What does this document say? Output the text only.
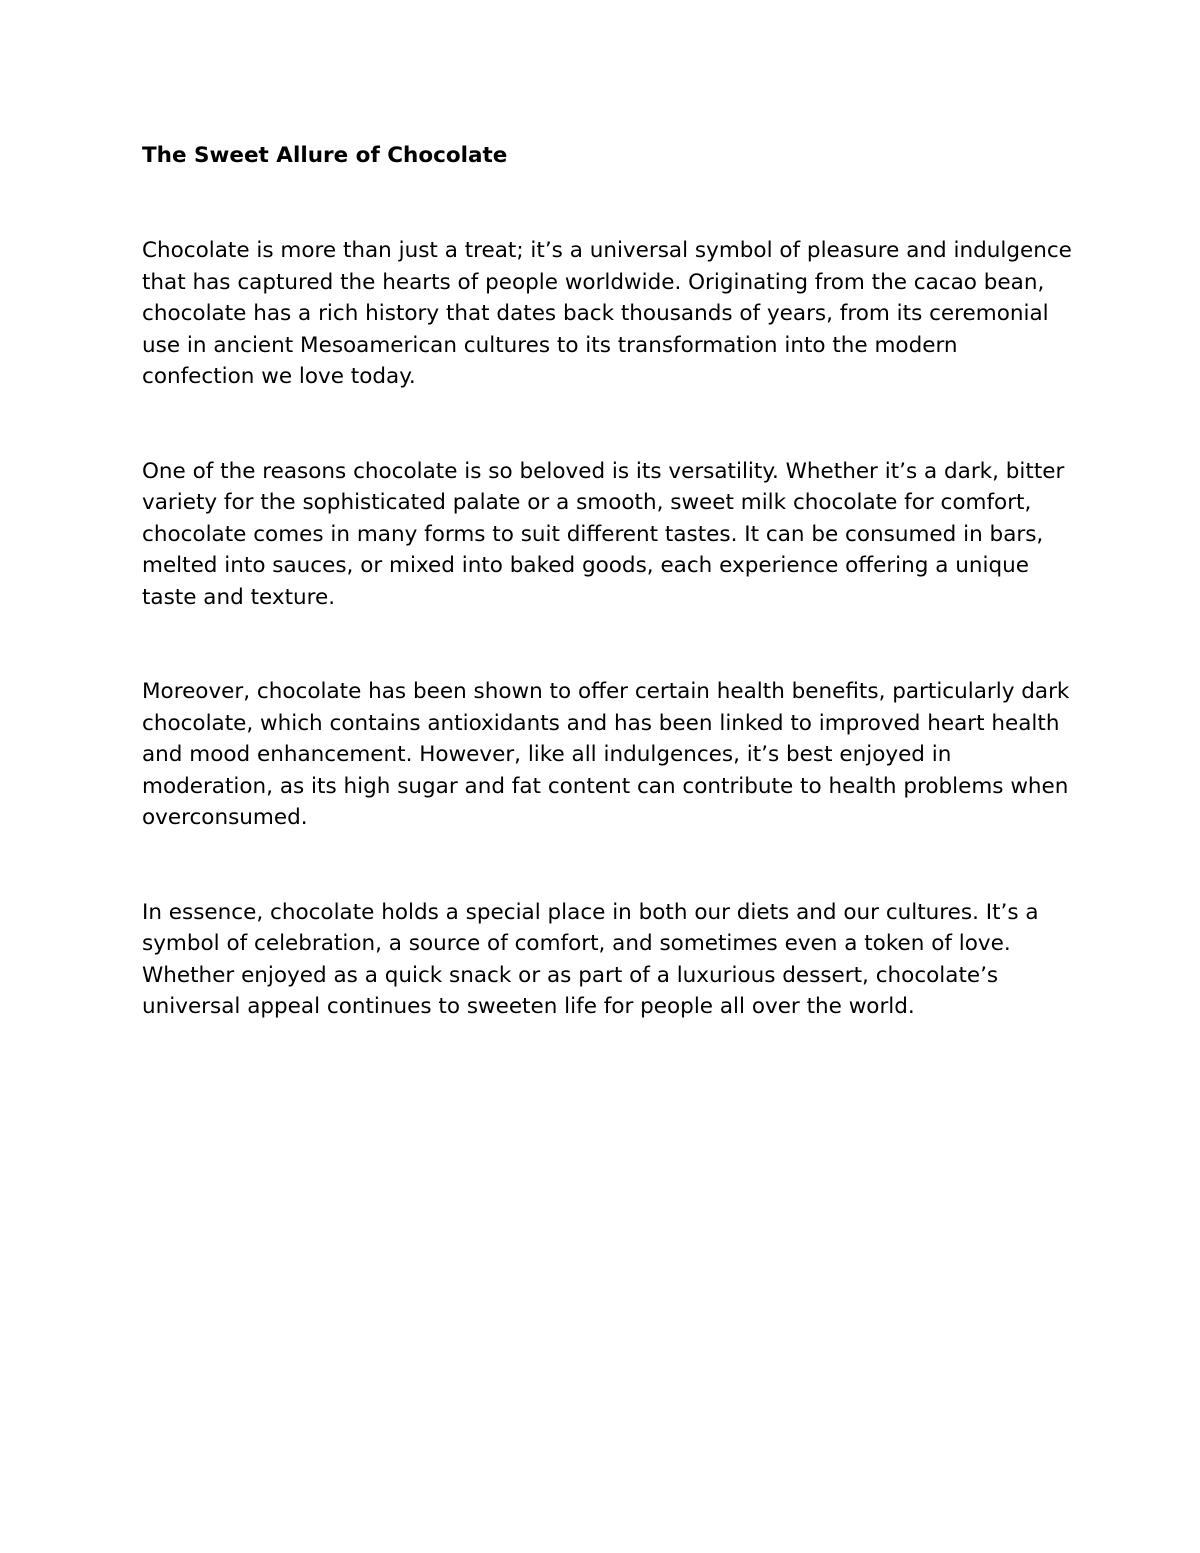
The Sweet Allure of Chocolate

Chocolate is more than just a treat; it’s a universal symbol of pleasure and indulgence that has captured the hearts of people worldwide. Originating from the cacao bean, chocolate has a rich history that dates back thousands of years, from its ceremonial use in ancient Mesoamerican cultures to its transformation into the modern confection we love today.

One of the reasons chocolate is so beloved is its versatility. Whether it’s a dark, bitter variety for the sophisticated palate or a smooth, sweet milk chocolate for comfort, chocolate comes in many forms to suit different tastes. It can be consumed in bars, melted into sauces, or mixed into baked goods, each experience offering a unique taste and texture.

Moreover, chocolate has been shown to offer certain health benefits, particularly dark chocolate, which contains antioxidants and has been linked to improved heart health and mood enhancement. However, like all indulgences, it’s best enjoyed in moderation, as its high sugar and fat content can contribute to health problems when overconsumed.

In essence, chocolate holds a special place in both our diets and our cultures. It’s a symbol of celebration, a source of comfort, and sometimes even a token of love. Whether enjoyed as a quick snack or as part of a luxurious dessert, chocolate’s universal appeal continues to sweeten life for people all over the world.
